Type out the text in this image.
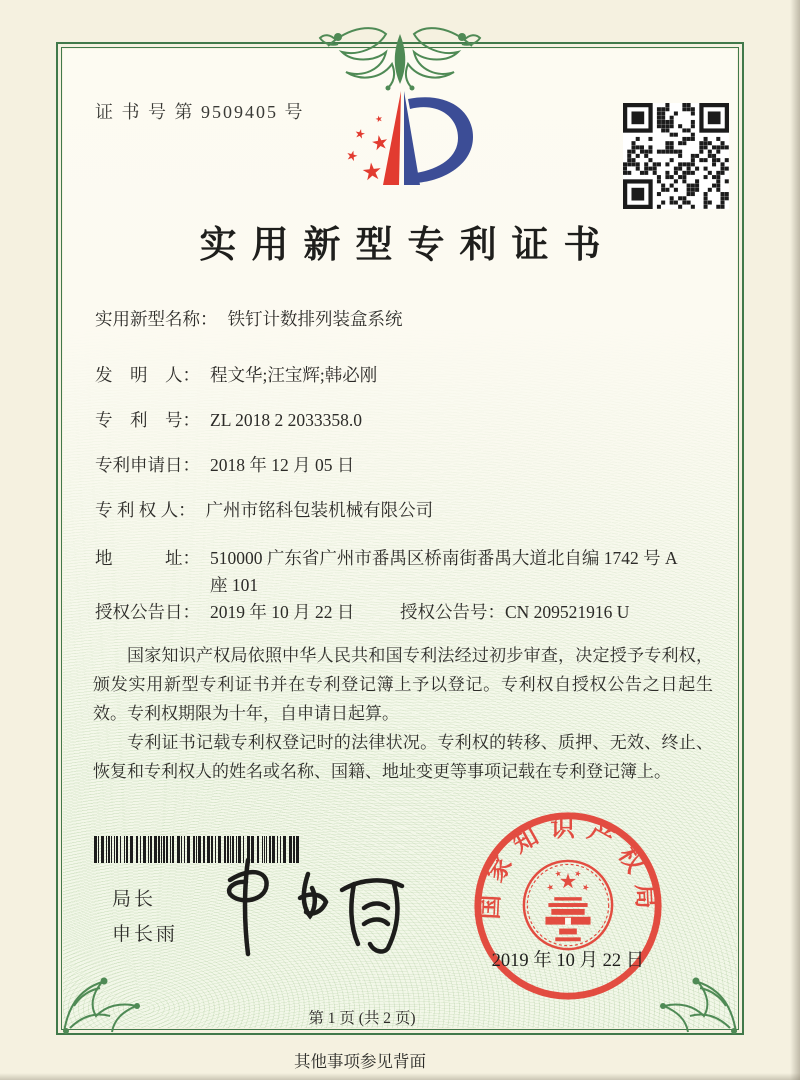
证 书 号 第 9509405 号
实用新型专利证书
实用新型名称： 铁钉计数排列装盒系统
发　明　人： 程文华;汪宝辉;韩必刚
专　利　号： ZL 2018 2 2033358.0
专利申请日： 2018 年 12 月 05 日
专 利 权 人： 广州市铭科包装机械有限公司
地　　　址： 510000 广东省广州市番禺区桥南街番禺大道北自编 1742 号 A 座 101
授权公告日： 2019 年 10 月 22 日	授权公告号：CN 209521916 U

国家知识产权局依照中华人民共和国专利法经过初步审查，决定授予专利权，颁发实用新型专利证书并在专利登记簿上予以登记。专利权自授权公告之日起生效。专利权期限为十年，自申请日起算。

专利证书记载专利权登记时的法律状况。专利权的转移、质押、无效、终止、恢复和专利权人的姓名或名称、国籍、地址变更等事项记载在专利登记簿上。

局长
申长雨
国家知识产权局
2019 年 10 月 22 日
第 1 页 (共 2 页)
其他事项参见背面
